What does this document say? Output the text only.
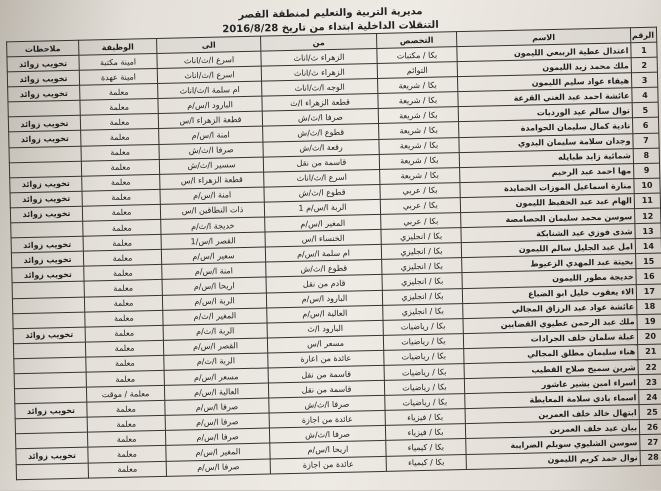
مديرية التربية والتعليم لمنطقة القصر
التنقلات الداخلية ابتداء من تاريخ 2016/8/28
الرقم	الاسم	التخصص	من	الى	الوظيفة	ملاحظات
1	اعتدال عطية الربيعي الليمون	بكا / مكتبات	الزهراء ث/اناث	اسرع ا/ث/اناث	امينة مكتبة	تخويب زوائد
2	ملك محمد زيد الليمون	التوائم	الزهراء ث/اناث	اسرع ا/ث/اناث	امينة عهدة	تخويب زوائد
3	هيفاء عواد سليم الليمون	بكا / شريعة	الوجه ا/ث/اناث	ام سلمة ا/ث/اناث	معلمة	تخويب زوائد
4	عائشة احمد عبد الغني القرعة	بكا / شريعة	قطعة الزهراء ا/ث	البارود ا/س/م	معلمة	
5	نوال سالم عيد الورديات	بكا / شريعة	صرفا ا/ث/ش	قطعة الزهراء ا/س	معلمة	تخويب زوائد
6	نادية كمال سليمان الحوامدة	بكا / شريعة	قطوع ا/ث/ش	امنة ا/س/م	معلمة	تخويب زوائد
7	وجدان سلامة سليمان البدوي	بكا / شريعة	رقعة ا/ث/ش	صرفا ا/ث/ش	معلمة	
8	شمائية زايد طبايله	بكا / شريعة	قاسمة من نقل	سسير ا/ث/ش	معلمة	
9	مها احمد عبد الرحيم	بكا / شريعة	اسرع ا/ث/اناث	قطعة الزهراء ا/س	معلمة	تخويب زوائد
10	منارة اسماعيل الموزات الحمايدة	بكا / عربي	قطوع ا/ث/ش	امنة ا/س/م	معلمة	تخويب زوائد
11	الهام عيد عبد الحفيظ الليمون	بكا / عربي	الربة ا/س/م 1	ذات النطاقين ا/س	معلمة	تخويب زوائد
12	سوسن محمد سليمان الحصامصة	بكا / عربي	المغير ا/س/م	خديجة ا/ث/م	معلمة	
13	شذى فوزي عبد الشنابكة	بكا / انجليزي	الخنساء ا/س	القصر ا/س/1	معلمة	تخويب زوائد
14	امل عبد الجليل سالم الليمون	بكا / انجليزي	ام سلمة ا/س/م	سعير ا/س/م	معلمة	تخويب زوائد
15	بخيتة عبد المهدي الزعيوط	بكا / انجليزي	قطوع ا/ث/ش	امنة ا/س/م	معلمة	تخويب زوائد
16	خديجة مطور الليمون	بكا / انجليزي	قادم من نقل	اريحا ا/س/م	معلمة	
17	الاء يعقوب خليل ابو الضباع	بكا / انجليزي	البارود ا/س/م	الربة ا/س/م	معلمة	
18	عائشة عواد عبد الرزاق المجالي	بكا / انجليزي	العالية ا/س/م	المغير ا/ث/م	معلمة	
19	ملك عبد الرحمن عطيوي القضايين	بكا / رياضيات	البارود ا/ث	الربة ا/ث/م	معلمة	تخويب زوائد
20	عبلة سلمان خلف الجرادات	بكا / رياضيات	مسعر ا/س	القصر ا/س/م	معلمة	
21	هناء سليمان مطلق المجالي	بكا / رياضيات	عائدة من اعارة	الربة ا/ث/م	معلمة	
22	شرين سميح صلاح القطيب	بكا / رياضيات	قاسمة من نقل	مسعر ا/س/م	معلمة	
23	اسراء امين بشير عاشور	بكا / رياضيات	قاسمة من نقل	العالية ا/س/م	معلمة / موقت	
24	اسماء بادي سلامة المعايطة	بكا / رياضيات	صرفا ا/ث/ش	صرفا ا/س/م	معلمة	تخويب زوائد
25	ابتهال خالد خلف العمرين	بكا / فيزياء	عائدة من اجازة	صرفا ا/س/م	معلمة	
26	بيان عيد خلف العمرين	بكا / فيزياء	صرفا ا/ث/ش	صرفا ا/س/م	معلمة	
27	سوسن الشلبوي سويلم الضرايبة	بكا / كيمياء	اريحا ا/س/م	المغير ا/س/م	معلمة	تخويب زوائد
28	نوال حمد كريم الليمون	بكا / كيمياء	عائدة من اجازة	صرفا ا/س/م	معلمة	
